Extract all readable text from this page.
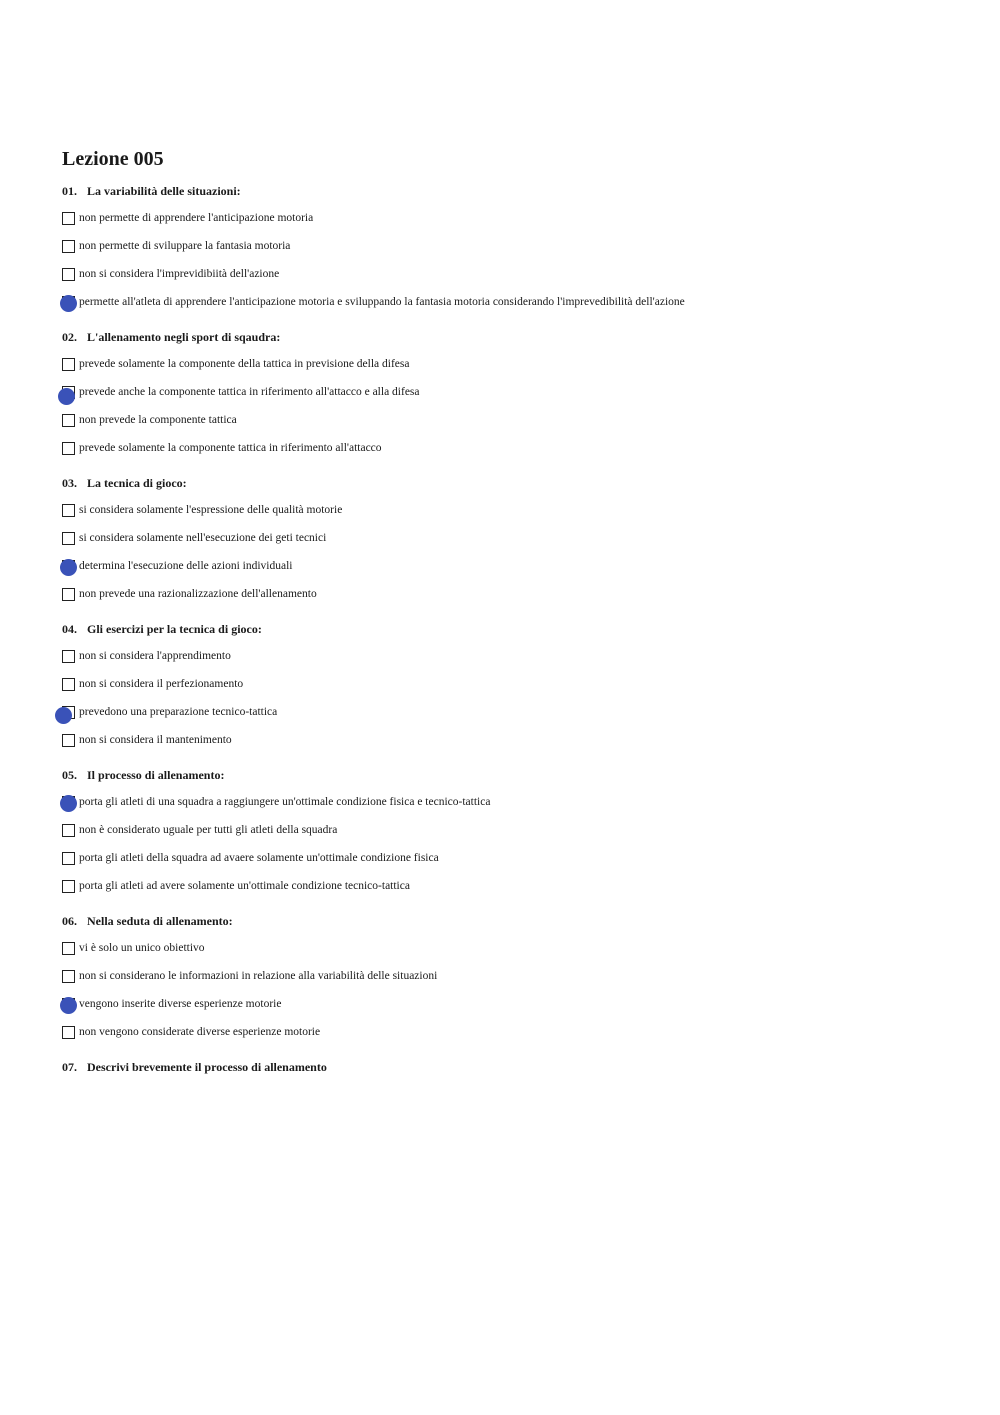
Lezione 005
01. La variabilità delle situazioni:
non permette di apprendere l'anticipazione motoria
non permette di sviluppare la fantasia motoria
non si considera l'imprevidibiità dell'azione
permette all'atleta di apprendere l'anticipazione motoria e sviluppando la fantasia motoria considerando l'imprevedibilità dell'azione
02. L'allenamento negli sport di sqaudra:
prevede solamente la componente della tattica in previsione della difesa
prevede anche la componente tattica in riferimento all'attacco e alla difesa
non prevede la componente tattica
prevede solamente la componente tattica in riferimento all'attacco
03. La tecnica di gioco:
si considera solamente l'espressione delle qualità motorie
si considera solamente nell'esecuzione dei geti tecnici
determina l'esecuzione delle azioni individuali
non prevede una razionalizzazione dell'allenamento
04. Gli esercizi per la tecnica di gioco:
non si considera l'apprendimento
non si considera il perfezionamento
prevedono una preparazione tecnico-tattica
non si considera il mantenimento
05. Il processo di allenamento:
porta gli atleti di una squadra a raggiungere un'ottimale condizione fisica e tecnico-tattica
non è considerato uguale per tutti gli atleti della squadra
porta gli atleti della squadra ad avaere solamente un'ottimale condizione fisica
porta gli atleti ad avere solamente un'ottimale condizione tecnico-tattica
06. Nella seduta di allenamento:
vi è solo un unico obiettivo
non si considerano le informazioni in relazione alla variabilità delle situazioni
vengono inserite diverse esperienze motorie
non vengono considerate diverse esperienze motorie
07. Descrivi brevemente il processo di allenamento
